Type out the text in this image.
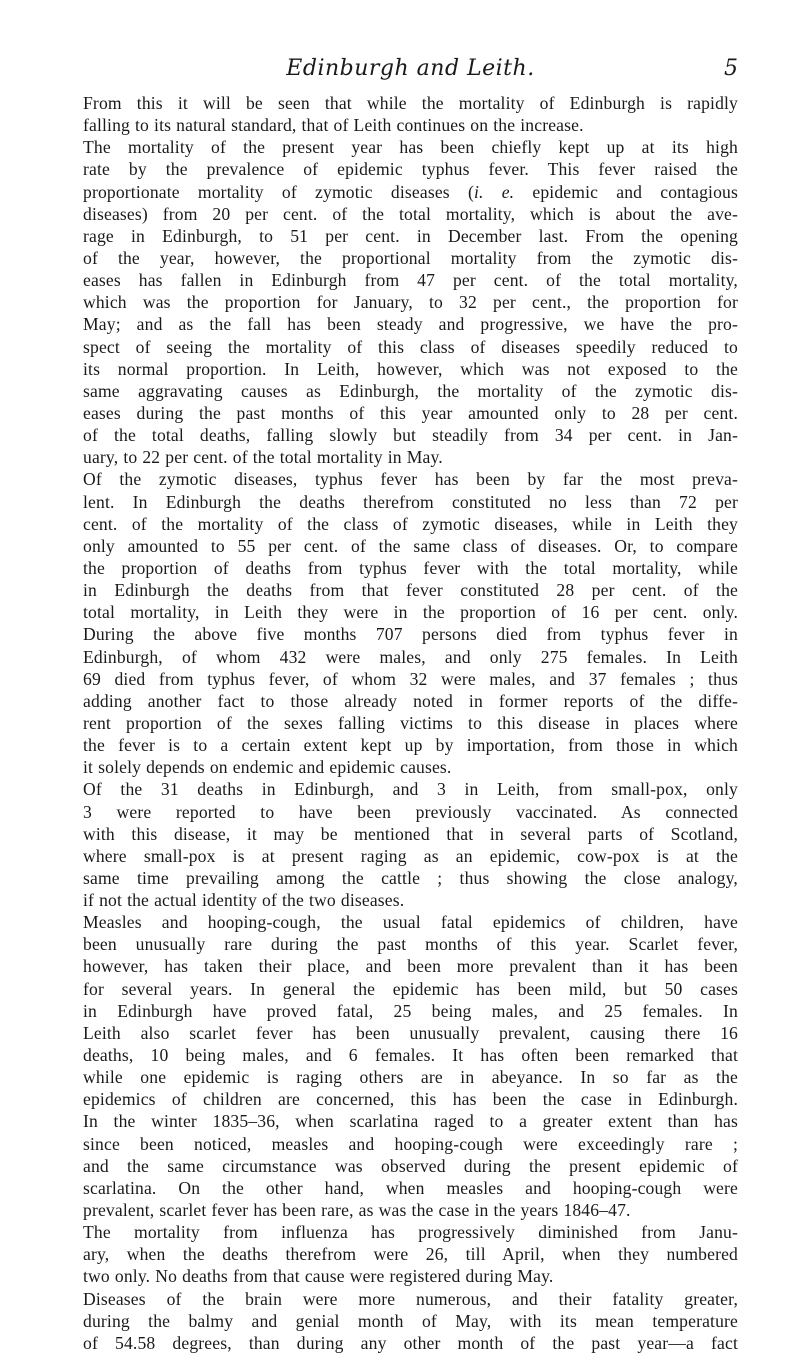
Edinburgh and Leith.	5
From this it will be seen that while the mortality of Edinburgh is rapidly
falling to its natural standard, that of Leith continues on the increase.
The mortality of the present year has been chiefly kept up at its high
rate by the prevalence of epidemic typhus fever. This fever raised the
proportionate mortality of zymotic diseases (i. e. epidemic and contagious
diseases) from 20 per cent. of the total mortality, which is about the ave-
rage in Edinburgh, to 51 per cent. in December last. From the opening
of the year, however, the proportional mortality from the zymotic dis-
eases has fallen in Edinburgh from 47 per cent. of the total mortality,
which was the proportion for January, to 32 per cent., the proportion for
May; and as the fall has been steady and progressive, we have the pro-
spect of seeing the mortality of this class of diseases speedily reduced to
its normal proportion. In Leith, however, which was not exposed to the
same aggravating causes as Edinburgh, the mortality of the zymotic dis-
eases during the past months of this year amounted only to 28 per cent.
of the total deaths, falling slowly but steadily from 34 per cent. in Jan-
uary, to 22 per cent. of the total mortality in May.
Of the zymotic diseases, typhus fever has been by far the most preva-
lent. In Edinburgh the deaths therefrom constituted no less than 72 per
cent. of the mortality of the class of zymotic diseases, while in Leith they
only amounted to 55 per cent. of the same class of diseases. Or, to compare
the proportion of deaths from typhus fever with the total mortality, while
in Edinburgh the deaths from that fever constituted 28 per cent. of the
total mortality, in Leith they were in the proportion of 16 per cent. only.
During the above five months 707 persons died from typhus fever in
Edinburgh, of whom 432 were males, and only 275 females. In Leith
69 died from typhus fever, of whom 32 were males, and 37 females ; thus
adding another fact to those already noted in former reports of the diffe-
rent proportion of the sexes falling victims to this disease in places where
the fever is to a certain extent kept up by importation, from those in which
it solely depends on endemic and epidemic causes.
Of the 31 deaths in Edinburgh, and 3 in Leith, from small-pox, only
3 were reported to have been previously vaccinated. As connected
with this disease, it may be mentioned that in several parts of Scotland,
where small-pox is at present raging as an epidemic, cow-pox is at the
same time prevailing among the cattle ; thus showing the close analogy,
if not the actual identity of the two diseases.
Measles and hooping-cough, the usual fatal epidemics of children, have
been unusually rare during the past months of this year. Scarlet fever,
however, has taken their place, and been more prevalent than it has been
for several years. In general the epidemic has been mild, but 50 cases
in Edinburgh have proved fatal, 25 being males, and 25 females. In
Leith also scarlet fever has been unusually prevalent, causing there 16
deaths, 10 being males, and 6 females. It has often been remarked that
while one epidemic is raging others are in abeyance. In so far as the
epidemics of children are concerned, this has been the case in Edinburgh.
In the winter 1835–36, when scarlatina raged to a greater extent than has
since been noticed, measles and hooping-cough were exceedingly rare ;
and the same circumstance was observed during the present epidemic of
scarlatina. On the other hand, when measles and hooping-cough were
prevalent, scarlet fever has been rare, as was the case in the years 1846–47.
The mortality from influenza has progressively diminished from Janu-
ary, when the deaths therefrom were 26, till April, when they numbered
two only. No deaths from that cause were registered during May.
Diseases of the brain were more numerous, and their fatality greater,
during the balmy and genial month of May, with its mean temperature
of 54.58 degrees, than during any other month of the past year—a fact
